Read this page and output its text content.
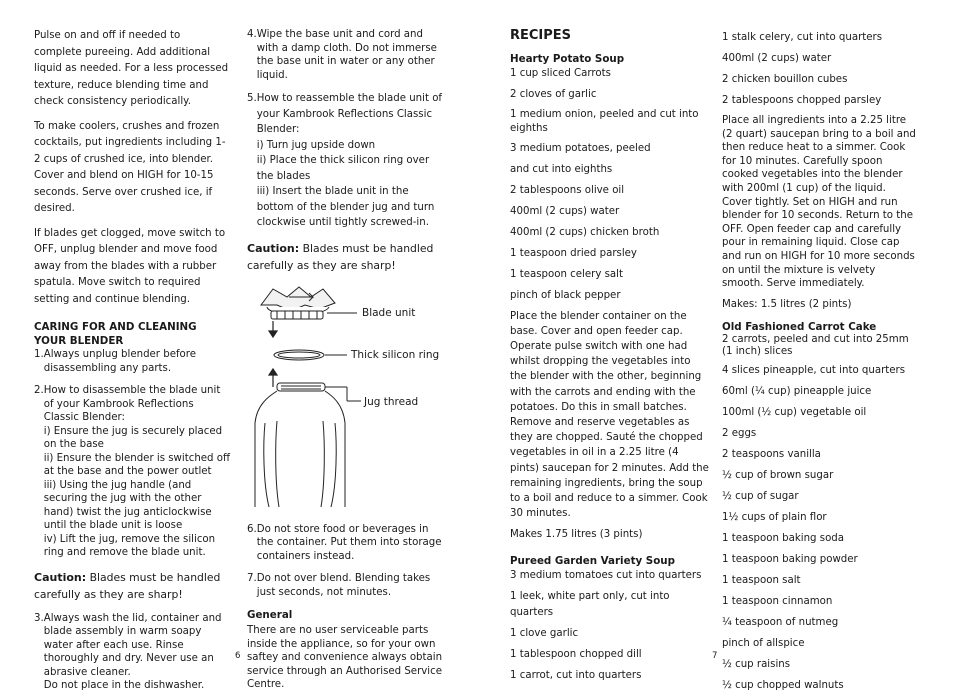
Pulse on and off if needed to complete pureeing. Add additional liquid as needed. For a less processed texture, reduce blending time and check consistency periodically.

To make coolers, crushes and frozen cocktails, put ingredients including 1-2 cups of crushed ice, into blender. Cover and blend on HIGH for 10-15 seconds. Serve over crushed ice, if desired.

If blades get clogged, move switch to OFF, unplug blender and move food away from the blades with a rubber spatula. Move switch to required setting and continue blending.

CARING FOR AND CLEANING YOUR BLENDER
1. Always unplug blender before disassembling any parts.
2. How to disassemble the blade unit of your Kambrook Reflections Classic Blender:
i) Ensure the jug is securely placed on the base
ii) Ensure the blender is switched off at the base and the power outlet
iii) Using the jug handle (and securing the jug with the other hand) twist the jug anticlockwise until the blade unit is loose
iv) Lift the jug, remove the silicon ring and remove the blade unit.
Caution: Blades must be handled carefully as they are sharp!
3. Always wash the lid, container and blade assembly in warm soapy water after each use. Rinse thoroughly and dry. Never use an abrasive cleaner.
Do not place in the dishwasher.
4. Wipe the base unit and cord and with a damp cloth. Do not immerse the base unit in water or any other liquid.
5. How to reassemble the blade unit of your Kambrook Reflections Classic Blender:
i) Turn jug upside down
ii) Place the thick silicon ring over the blades
iii) Insert the blade unit in the bottom of the blender jug and turn clockwise until tightly screwed-in.
Caution: Blades must be handled carefully as they are sharp!
Blade unit
Thick silicon ring
Jug thread
6. Do not store food or beverages in the container. Put them into storage containers instead.
7. Do not over blend. Blending takes just seconds, not minutes.
General
There are no user serviceable parts inside the appliance, so for your own saftey and convenience always obtain service through an Authorised Service Centre.
RECIPES
Hearty Potato Soup

1 cup sliced Carrots

2 cloves of garlic

1 medium onion, peeled and cut into eighths

3 medium potatoes, peeled

and cut into eighths

2 tablespoons olive oil

400ml (2 cups) water

400ml (2 cups) chicken broth

1 teaspoon dried parsley

1 teaspoon celery salt

pinch of black pepper

Place the blender container on the base. Cover and open feeder cap. Operate pulse switch with one had whilst dropping the vegetables into the blender with the other, beginning with the carrots and ending with the potatoes. Do this in small batches. Remove and reserve vegetables as they are chopped. Sauté the chopped vegetables in oil in a 2.25 litre (4 pints) saucepan for 2 minutes. Add the remaining ingredients, bring the soup to a boil and reduce to a simmer. Cook 30 minutes.

Makes 1.75 litres (3 pints)

Pureed Garden Variety Soup

3 medium tomatoes cut into quarters

1 leek, white part only, cut into quarters

1 clove garlic

1 tablespoon chopped dill

1 carrot, cut into quarters

1 stalk celery, cut into quarters

400ml (2 cups) water

2 chicken bouillon cubes

2 tablespoons chopped parsley

Place all ingredients into a 2.25 litre (2 quart) saucepan bring to a boil and then reduce heat to a simmer. Cook for 10 minutes. Carefully spoon cooked vegetables into the blender with 200ml (1 cup) of the liquid. Cover tightly. Set on HIGH and run blender for 10 seconds. Return to the OFF. Open feeder cap and carefully pour in remaining liquid. Close cap and run on HIGH for 10 more seconds on until the mixture is velvety smooth. Serve immediately.

Makes: 1.5 litres (2 pints)

Old Fashioned Carrot Cake

2 carrots, peeled and cut into 25mm (1 inch) slices

4 slices pineapple, cut into quarters

60ml (¼ cup) pineapple juice

100ml (½ cup) vegetable oil

2 eggs

2 teaspoons vanilla

½ cup of brown sugar

½ cup of sugar

1½ cups of plain flor

1 teaspoon baking soda

1 teaspoon baking powder

1 teaspoon salt

1 teaspoon cinnamon

¼ teaspoon of nutmeg

pinch of allspice

½ cup raisins

½ cup chopped walnuts

6	7
